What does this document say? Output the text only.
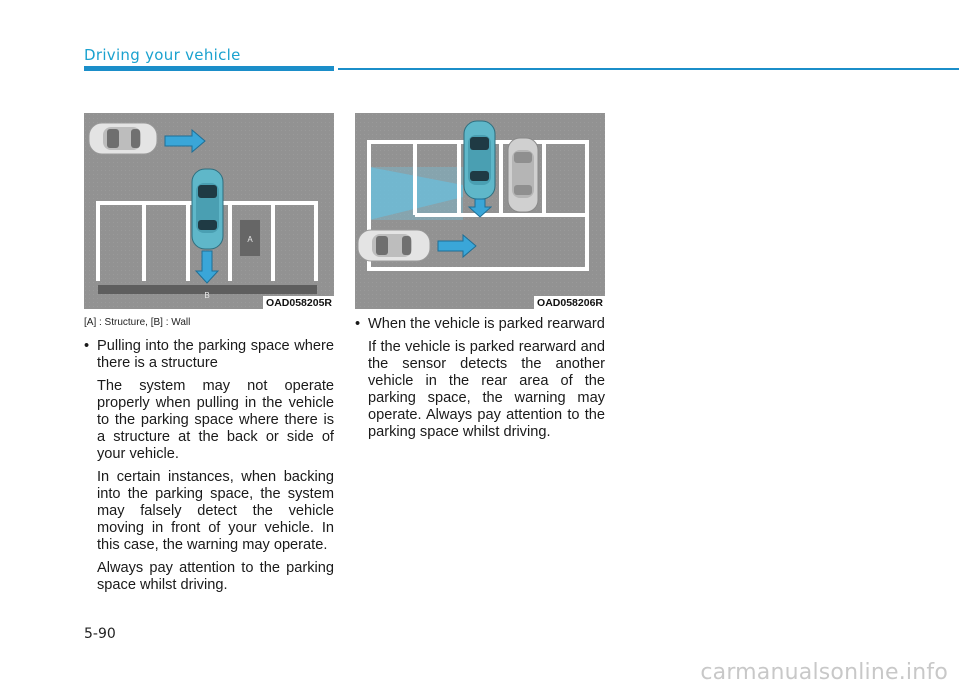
Driving your vehicle
A
B
OAD058205R	OAD058206R
[A] : Structure, [B] : Wall
• Pulling into the parking space where there is a structure
The system may not operate properly when pulling in the vehicle to the parking space where there is a structure at the back or side of your vehicle.
In certain instances, when backing into the parking space, the system may falsely detect the vehicle moving in front of your vehicle. In this case, the warning may operate.
Always pay attention to the parking space whilst driving.
• When the vehicle is parked rearward
If the vehicle is parked rearward and the sensor detects the another vehicle in the rear area of the parking space, the warning may operate. Always pay attention to the parking space whilst driving.
5-90
carmanualsonline.info
